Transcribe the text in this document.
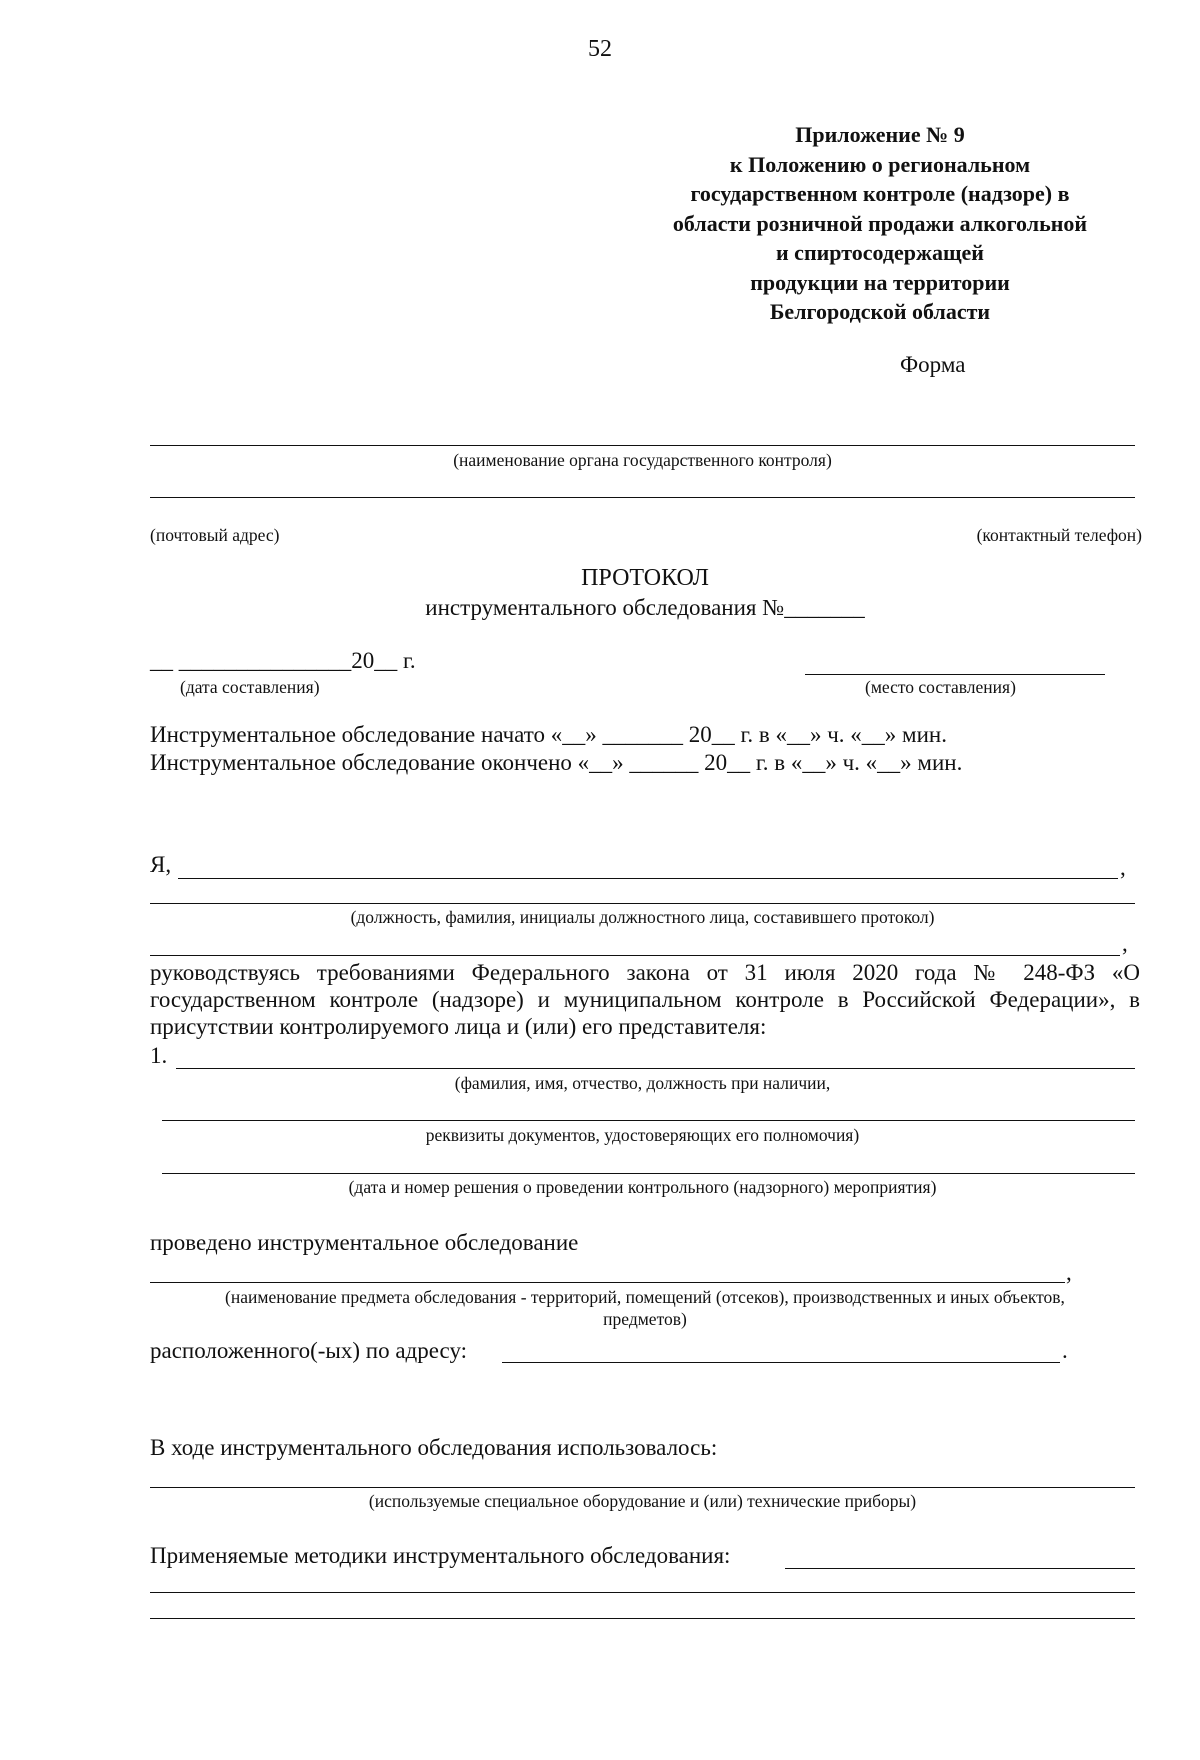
52
Приложение № 9
к Положению о региональном
государственном контроле (надзоре) в
области розничной продажи алкогольной
и спиртосодержащей
продукции на территории
Белгородской области
Форма
(наименование органа государственного контроля)
(почтовый адрес)	(контактный телефон)
ПРОТОКОЛ
инструментального обследования №_______
__ _______________20__ г.
(дата составления)	(место составления)
Инструментальное обследование начато «__» _______ 20__ г. в «__» ч. «__» мин.
Инструментальное обследование окончено «__» ______ 20__ г. в «__» ч. «__» мин.
Я,	,
(должность, фамилия, инициалы должностного лица, составившего протокол)
,
руководствуясь требованиями Федерального закона от 31 июля 2020 года № 248-ФЗ «О государственном контроле (надзоре) и муниципальном контроле в Российской Федерации», в присутствии контролируемого лица и (или) его представителя:
1.
(фамилия, имя, отчество, должность при наличии,
реквизиты документов, удостоверяющих его полномочия)
(дата и номер решения о проведении контрольного (надзорного) мероприятия)
проведено инструментальное обследование
,
(наименование предмета обследования - территорий, помещений (отсеков), производственных и иных объектов, предметов)
расположенного(-ых) по адресу:	.
В ходе инструментального обследования использовалось:
(используемые специальное оборудование и (или) технические приборы)
Применяемые методики инструментального обследования:
